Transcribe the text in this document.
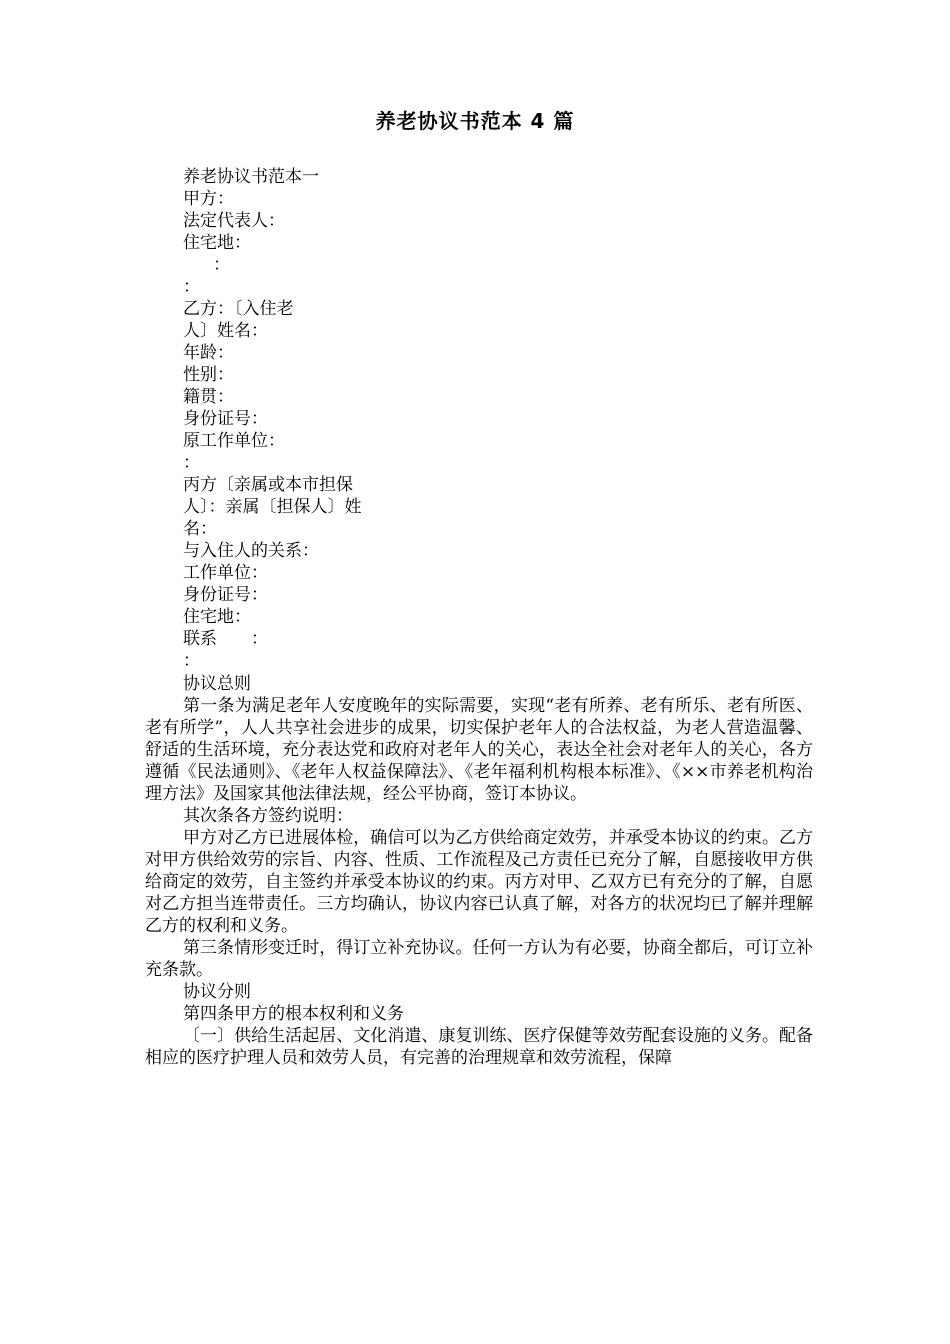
养老协议书范本 4 篇
养老协议书范本一
甲方：
法定代表人：
住宅地：
：
：
乙方：〔入住老
人〕姓名：
年龄：
性别：
籍贯：
身份证号：
原工作单位：
：
丙方〔亲属或本市担保
人〕：亲属〔担保人〕姓
名：
与入住人的关系：
工作单位：
身份证号：
住宅地：
联系　　：
：

协议总则

第一条为满足老年人安度晚年的实际需要，实现“老有所养、老有所乐、老有所医、老有所学”，人人共享社会进步的成果，切实保护老年人的合法权益，为老人营造温馨、舒适的生活环境，充分表达党和政府对老年人的关心，表达全社会对老年人的关心，各方遵循《民法通则》、《老年人权益保障法》、《老年福利机构根本标准》、《××市养老机构治理方法》及国家其他法律法规，经公平协商，签订本协议。

其次条各方签约说明：

甲方对乙方已进展体检，确信可以为乙方供给商定效劳，并承受本协议的约束。乙方对甲方供给效劳的宗旨、内容、性质、工作流程及己方责任已充分了解，自愿接收甲方供给商定的效劳，自主签约并承受本协议的约束。丙方对甲、乙双方已有充分的了解，自愿对乙方担当连带责任。三方均确认，协议内容已认真了解，对各方的状况均已了解并理解乙方的权利和义务。

第三条情形变迁时，得订立补充协议。任何一方认为有必要，协商全都后，可订立补充条款。

协议分则

第四条甲方的根本权利和义务

〔一〕供给生活起居、文化消遣、康复训练、医疗保健等效劳配套设施的义务。配备相应的医疗护理人员和效劳人员，有完善的治理规章和效劳流程，保障
